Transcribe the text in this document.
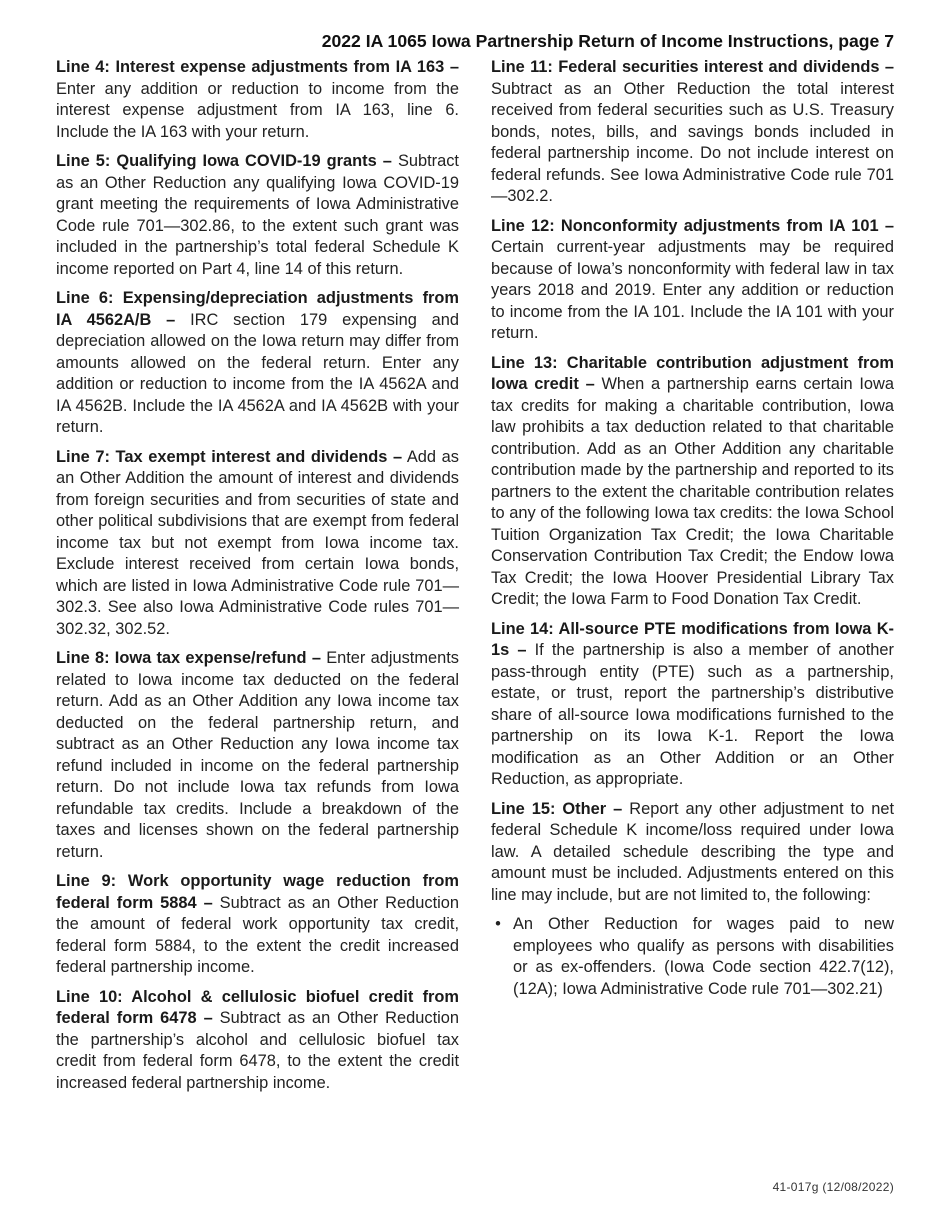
2022 IA 1065 Iowa Partnership Return of Income Instructions, page 7

Line 4: Interest expense adjustments from IA 163 – Enter any addition or reduction to income from the interest expense adjustment from IA 163, line 6. Include the IA 163 with your return.

Line 5: Qualifying Iowa COVID-19 grants – Subtract as an Other Reduction any qualifying Iowa COVID-19 grant meeting the requirements of Iowa Administrative Code rule 701—302.86, to the extent such grant was included in the partnership’s total federal Schedule K income reported on Part 4, line 14 of this return.

Line 6: Expensing/depreciation adjustments from IA 4562A/B – IRC section 179 expensing and depreciation allowed on the Iowa return may differ from amounts allowed on the federal return. Enter any addition or reduction to income from the IA 4562A and IA 4562B. Include the IA 4562A and IA 4562B with your return.

Line 7: Tax exempt interest and dividends – Add as an Other Addition the amount of interest and dividends from foreign securities and from securities of state and other political subdivisions that are exempt from federal income tax but not exempt from Iowa income tax. Exclude interest received from certain Iowa bonds, which are listed in Iowa Administrative Code rule 701—302.3. See also Iowa Administrative Code rules 701—302.32, 302.52.

Line 8: Iowa tax expense/refund – Enter adjustments related to Iowa income tax deducted on the federal return. Add as an Other Addition any Iowa income tax deducted on the federal partnership return, and subtract as an Other Reduction any Iowa income tax refund included in income on the federal partnership return. Do not include Iowa tax refunds from Iowa refundable tax credits. Include a breakdown of the taxes and licenses shown on the federal partnership return.

Line 9: Work opportunity wage reduction from federal form 5884 – Subtract as an Other Reduction the amount of federal work opportunity tax credit, federal form 5884, to the extent the credit increased federal partnership income.

Line 10: Alcohol & cellulosic biofuel credit from federal form 6478 – Subtract as an Other Reduction the partnership’s alcohol and cellulosic biofuel tax credit from federal form 6478, to the extent the credit increased federal partnership income.

Line 11: Federal securities interest and dividends – Subtract as an Other Reduction the total interest received from federal securities such as U.S. Treasury bonds, notes, bills, and savings bonds included in federal partnership income. Do not include interest on federal refunds. See Iowa Administrative Code rule 701—302.2.

Line 12: Nonconformity adjustments from IA 101 – Certain current-year adjustments may be required because of Iowa’s nonconformity with federal law in tax years 2018 and 2019. Enter any addition or reduction to income from the IA 101. Include the IA 101 with your return.

Line 13: Charitable contribution adjustment from Iowa credit – When a partnership earns certain Iowa tax credits for making a charitable contribution, Iowa law prohibits a tax deduction related to that charitable contribution. Add as an Other Addition any charitable contribution made by the partnership and reported to its partners to the extent the charitable contribution relates to any of the following Iowa tax credits: the Iowa School Tuition Organization Tax Credit; the Iowa Charitable Conservation Contribution Tax Credit; the Endow Iowa Tax Credit; the Iowa Hoover Presidential Library Tax Credit; the Iowa Farm to Food Donation Tax Credit.

Line 14: All-source PTE modifications from Iowa K-1s – If the partnership is also a member of another pass-through entity (PTE) such as a partnership, estate, or trust, report the partnership’s distributive share of all-source Iowa modifications furnished to the partnership on its Iowa K-1. Report the Iowa modification as an Other Addition or an Other Reduction, as appropriate.

Line 15: Other – Report any other adjustment to net federal Schedule K income/loss required under Iowa law. A detailed schedule describing the type and amount must be included. Adjustments entered on this line may include, but are not limited to, the following:

• An Other Reduction for wages paid to new employees who qualify as persons with disabilities or as ex-offenders. (Iowa Code section 422.7(12), (12A); Iowa Administrative Code rule 701—302.21)
41-017g (12/08/2022)
